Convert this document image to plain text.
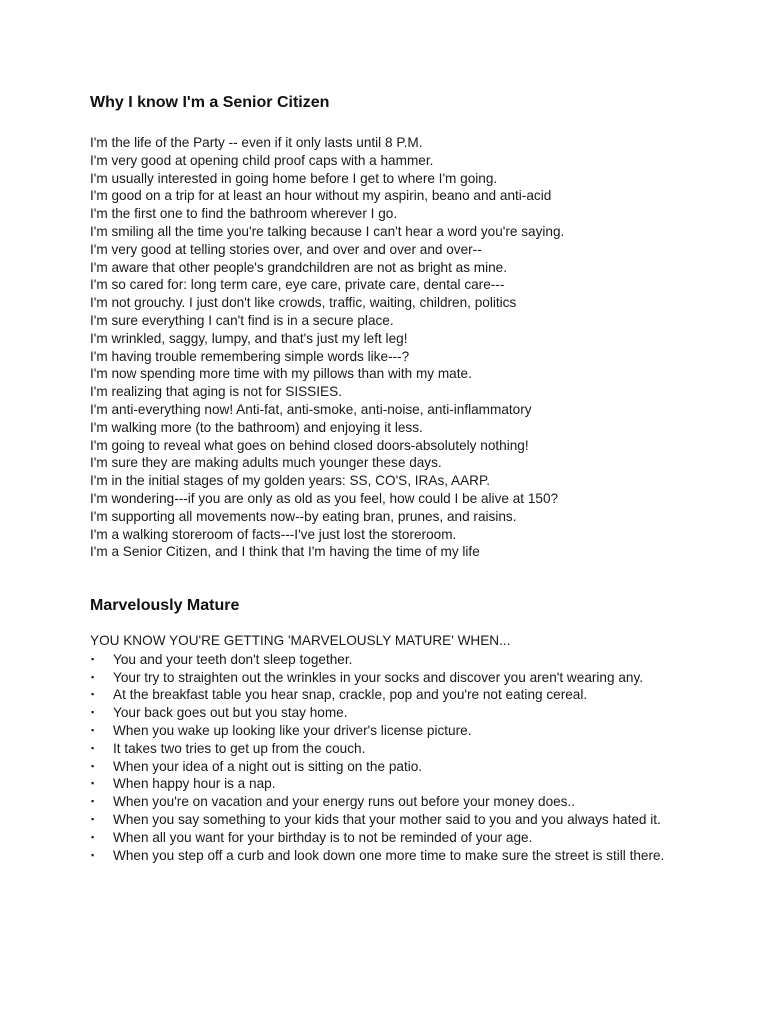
Why I know I'm a Senior Citizen
I'm the life of the Party -- even if it only lasts until 8 P.M.
I'm very good at opening child proof caps with a hammer.
I'm usually interested in going home before I get to where I'm going.
I'm good on a trip for at least an hour without my aspirin, beano and anti-acid
I'm the first one to find the bathroom wherever I go.
I'm smiling all the time you're talking because I can't hear a word you're saying.
I'm very good at telling stories over, and over and over and over--
I'm aware that other people's grandchildren are not as bright as mine.
I'm so cared for: long term care, eye care, private care, dental care---
I'm not grouchy. I just don't like crowds, traffic, waiting, children, politics
I'm sure everything I can't find is in a secure place.
I'm wrinkled, saggy, lumpy, and that's just my left leg!
I'm having trouble remembering simple words like---?
I'm now spending more time with my pillows than with my mate.
I'm realizing that aging is not for SISSIES.
I'm anti-everything now! Anti-fat, anti-smoke, anti-noise, anti-inflammatory
I'm walking more (to the bathroom) and enjoying it less.
I'm going to reveal what goes on behind closed doors-absolutely nothing!
I'm sure they are making adults much younger these days.
I'm in the initial stages of my golden years: SS, CO'S, IRAs, AARP.
I'm wondering---if you are only as old as you feel, how could I be alive at 150?
I'm supporting all movements now--by eating bran, prunes, and raisins.
I'm a walking storeroom of facts---I've just lost the storeroom.
I'm a Senior Citizen, and I think that I'm having the time of my life
Marvelously Mature

YOU KNOW YOU'RE GETTING 'MARVELOUSLY MATURE' WHEN...

▪ You and your teeth don't sleep together.
▪ Your try to straighten out the wrinkles in your socks and discover you aren't wearing any.
▪ At the breakfast table you hear snap, crackle, pop and you're not eating cereal.
▪ Your back goes out but you stay home.
▪ When you wake up looking like your driver's license picture.
▪ It takes two tries to get up from the couch.
▪ When your idea of a night out is sitting on the patio.
▪ When happy hour is a nap.
▪ When you're on vacation and your energy runs out before your money does..
▪ When you say something to your kids that your mother said to you and you always hated it.
▪ When all you want for your birthday is to not be reminded of your age.
▪ When you step off a curb and look down one more time to make sure the street is still there.
